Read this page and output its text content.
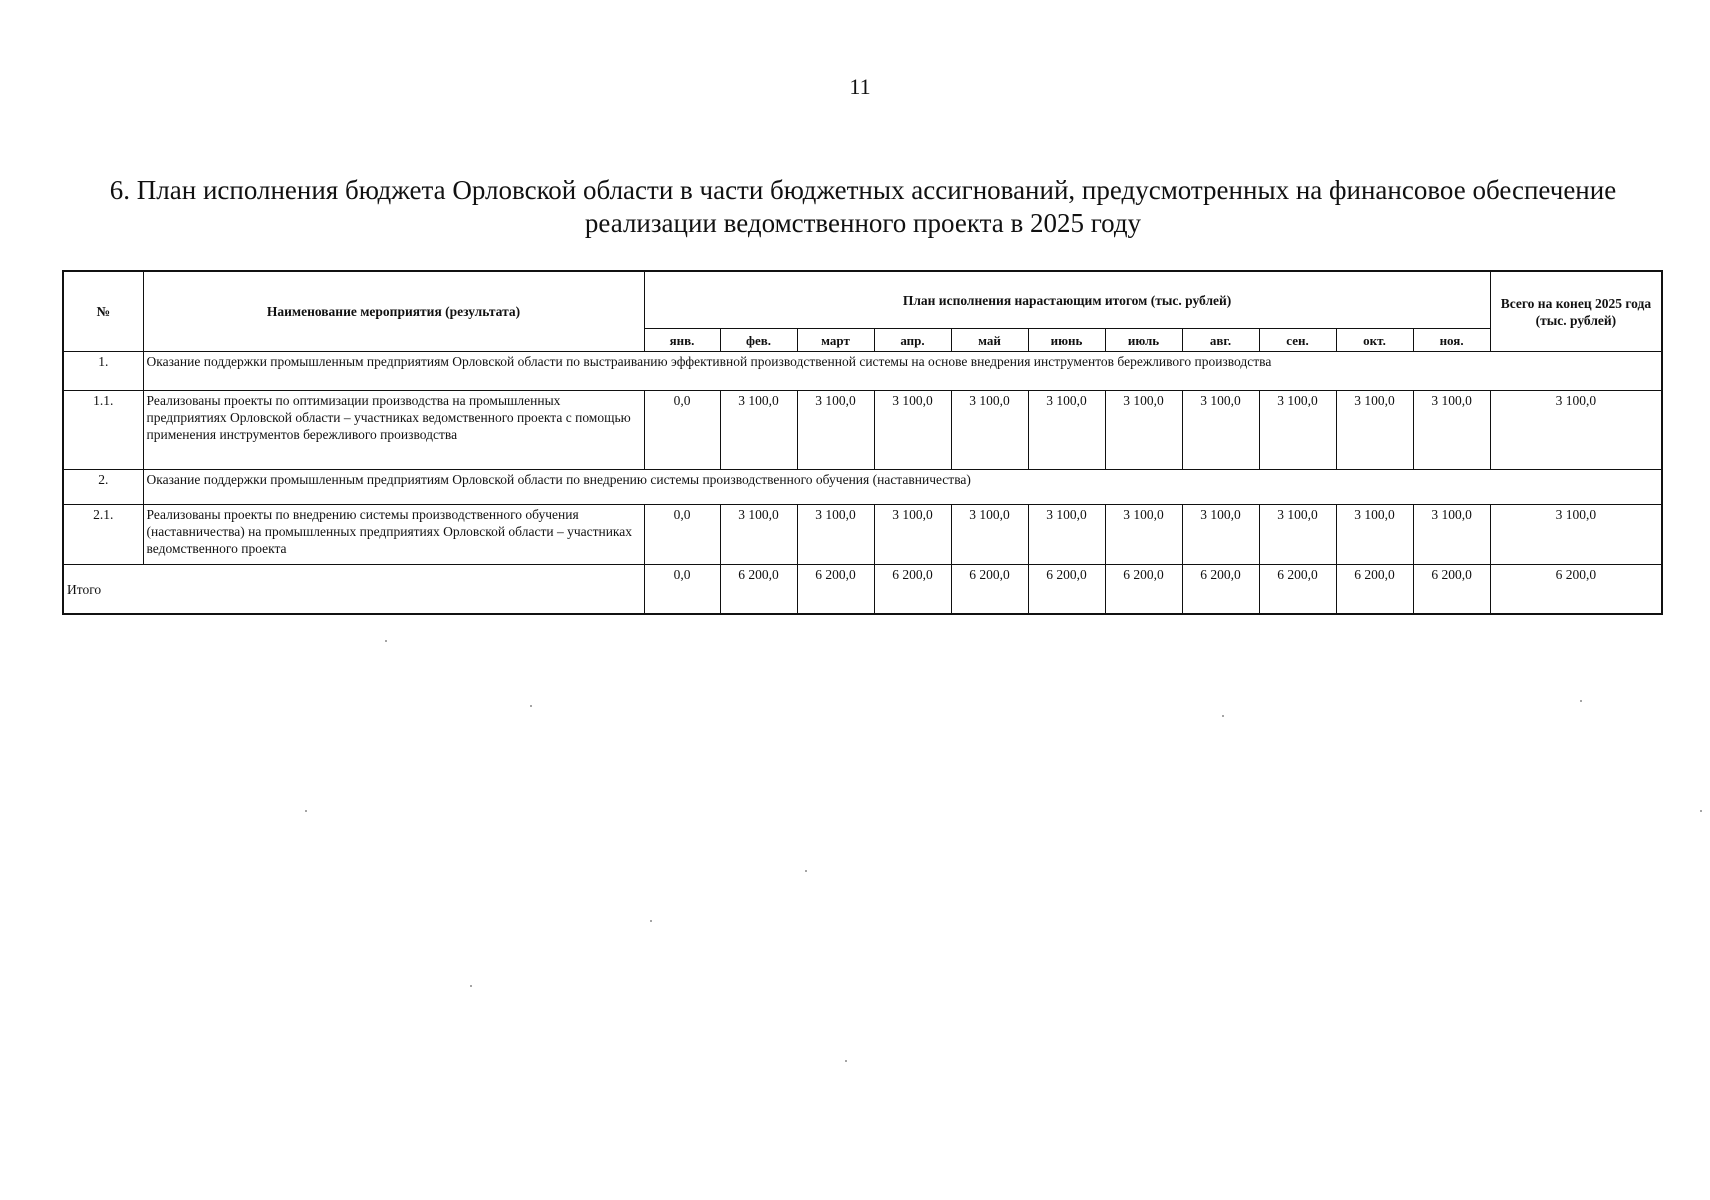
11
6. План исполнения бюджета Орловской области в части бюджетных ассигнований, предусмотренных на финансовое обеспечение
реализации ведомственного проекта в 2025 году
№	Наименование мероприятия (результата)	План исполнения нарастающим итогом (тыс. рублей)											Всего на конец 2025 года (тыс. рублей)
		янв.	фев.	март	апр.	май	июнь	июль	авг.	сен.	окт.	ноя.	
1.	Оказание поддержки промышленным предприятиям Орловской области по выстраиванию эффективной производственной системы на основе внедрения инструментов бережливого производства												
1.1.	Реализованы проекты по оптимизации производства на промышленных предприятиях Орловской области – участниках ведомственного проекта с помощью применения инструментов бережливого производства	0,0	3 100,0	3 100,0	3 100,0	3 100,0	3 100,0	3 100,0	3 100,0	3 100,0	3 100,0	3 100,0	3 100,0
2.	Оказание поддержки промышленным предприятиям Орловской области по внедрению системы производственного обучения (наставничества)												
2.1.	Реализованы проекты по внедрению системы производственного обучения (наставничества) на промышленных предприятиях Орловской области – участниках ведомственного проекта	0,0	3 100,0	3 100,0	3 100,0	3 100,0	3 100,0	3 100,0	3 100,0	3 100,0	3 100,0	3 100,0	3 100,0
Итого		0,0	6 200,0	6 200,0	6 200,0	6 200,0	6 200,0	6 200,0	6 200,0	6 200,0	6 200,0	6 200,0	6 200,0
